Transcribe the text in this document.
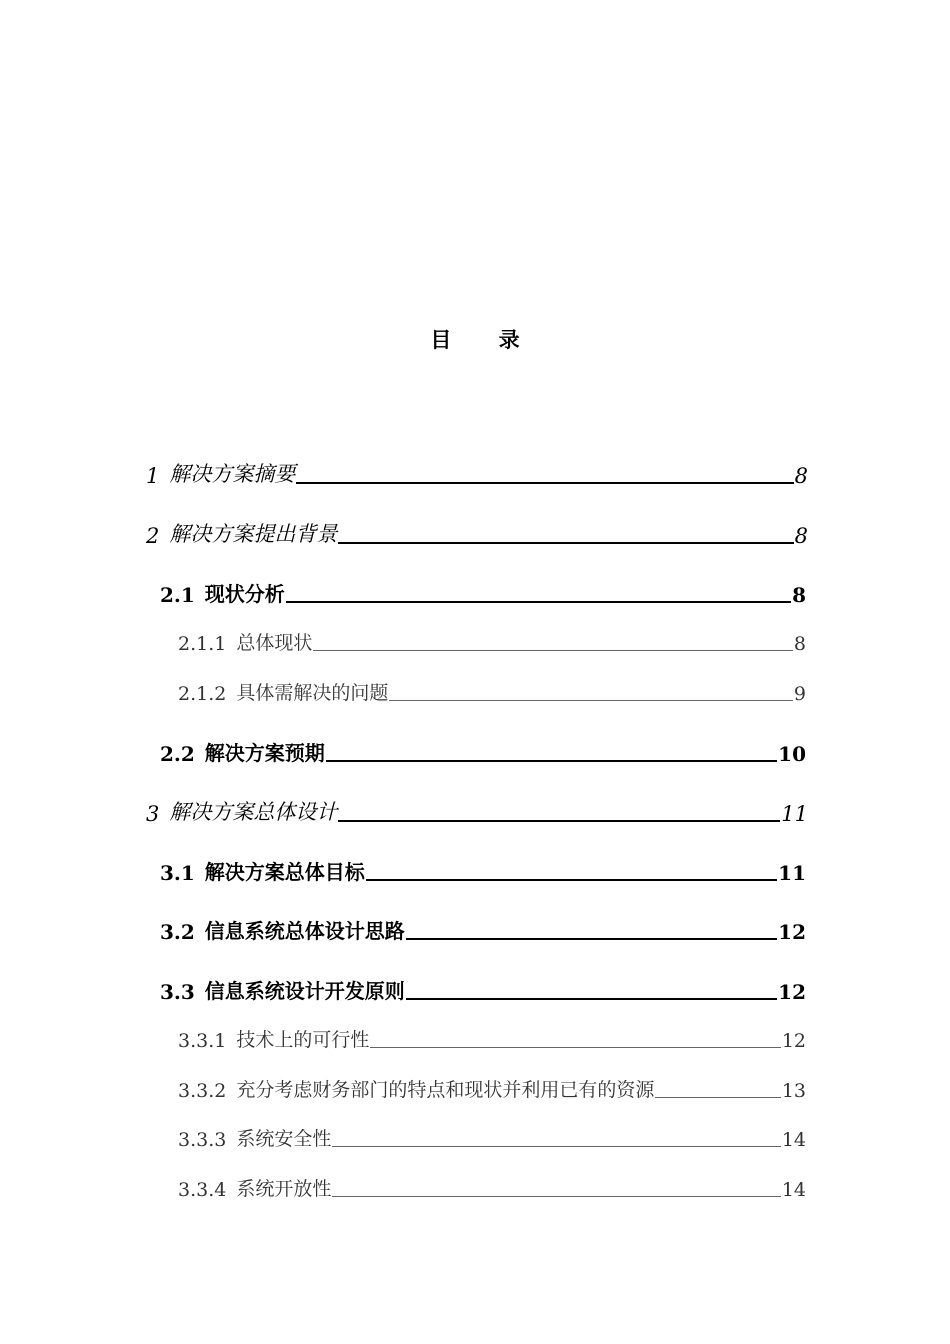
目 录
1 解决方案摘要	8
2 解决方案提出背景	8
2.1 现状分析	8
2.1.1 总体现状	8
2.1.2 具体需解决的问题	9
2.2 解决方案预期	10
3 解决方案总体设计	11
3.1 解决方案总体目标	11
3.2 信息系统总体设计思路	12
3.3 信息系统设计开发原则	12
3.3.1 技术上的可行性	12
3.3.2 充分考虑财务部门的特点和现状并利用已有的资源	13
3.3.3 系统安全性	14
3.3.4 系统开放性	14
